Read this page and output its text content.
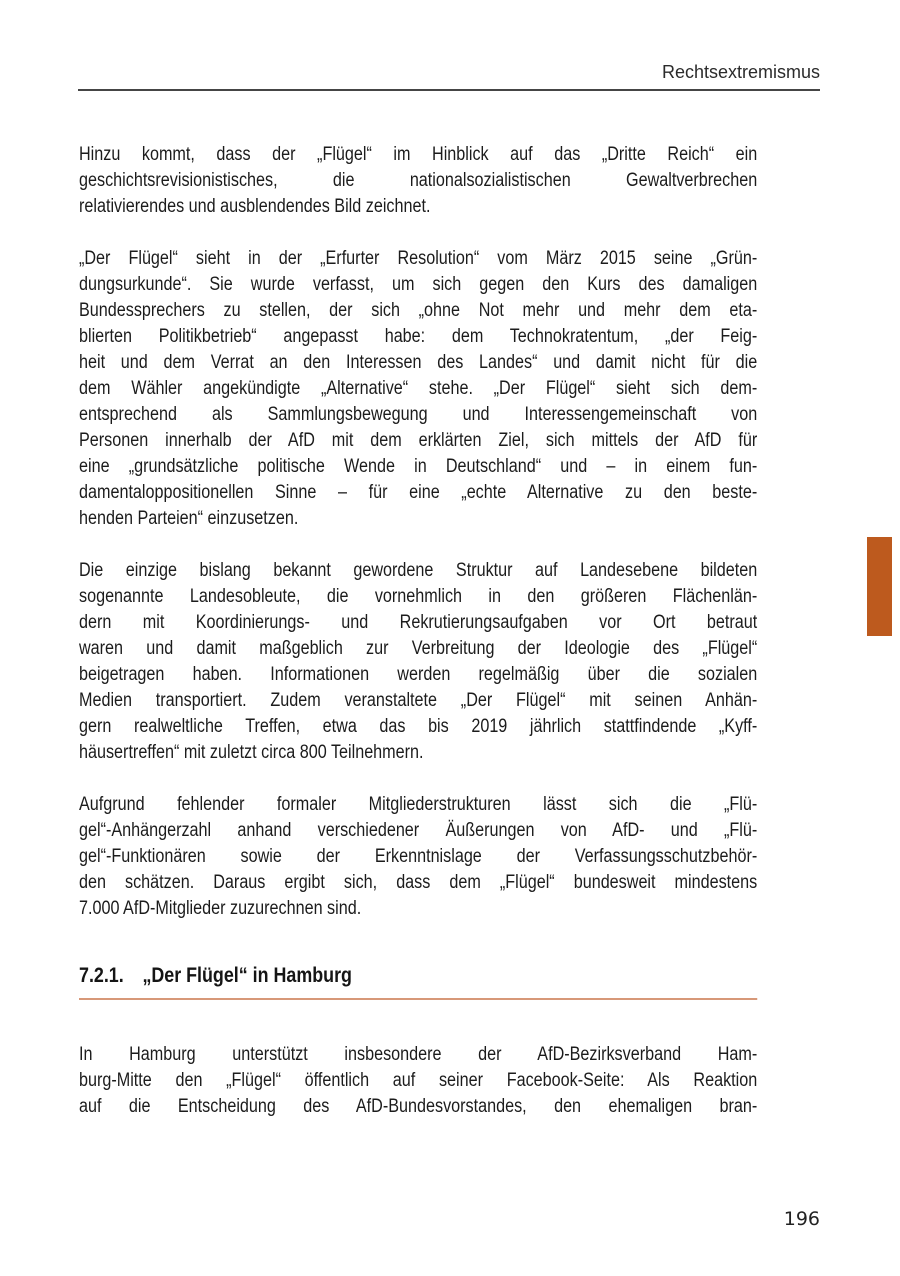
Rechtsextremismus
Hinzu kommt, dass der „Flügel“ im Hinblick auf das „Dritte Reich“ ein
geschichtsrevisionistisches, die nationalsozialistischen Gewaltverbrechen
relativierendes und ausblendendes Bild zeichnet.
„Der Flügel“ sieht in der „Erfurter Resolution“ vom März 2015 seine „Grün-
dungsurkunde“. Sie wurde verfasst, um sich gegen den Kurs des damaligen
Bundessprechers zu stellen, der sich „ohne Not mehr und mehr dem eta-
blierten Politikbetrieb“ angepasst habe: dem Technokratentum, „der Feig-
heit und dem Verrat an den Interessen des Landes“ und damit nicht für die
dem Wähler angekündigte „Alternative“ stehe. „Der Flügel“ sieht sich dem-
entsprechend als Sammlungsbewegung und Interessengemeinschaft von
Personen innerhalb der AfD mit dem erklärten Ziel, sich mittels der AfD für
eine „grundsätzliche politische Wende in Deutschland“ und – in einem fun-
damentaloppositionellen Sinne – für eine „echte Alternative zu den beste-
henden Parteien“ einzusetzen.
Die einzige bislang bekannt gewordene Struktur auf Landesebene bildeten
sogenannte Landesobleute, die vornehmlich in den größeren Flächenlän-
dern mit Koordinierungs- und Rekrutierungsaufgaben vor Ort betraut
waren und damit maßgeblich zur Verbreitung der Ideologie des „Flügel“
beigetragen haben. Informationen werden regelmäßig über die sozialen
Medien transportiert. Zudem veranstaltete „Der Flügel“ mit seinen Anhän-
gern realweltliche Treffen, etwa das bis 2019 jährlich stattfindende „Kyff-
häusertreffen“ mit zuletzt circa 800 Teilnehmern.
Aufgrund fehlender formaler Mitgliederstrukturen lässt sich die „Flü-
gel“-Anhängerzahl anhand verschiedener Äußerungen von AfD- und „Flü-
gel“-Funktionären sowie der Erkenntnislage der Verfassungsschutzbehör-
den schätzen. Daraus ergibt sich, dass dem „Flügel“ bundesweit mindestens
7.000 AfD-Mitglieder zuzurechnen sind.
7.2.1. „Der Flügel“ in Hamburg
In Hamburg unterstützt insbesondere der AfD-Bezirksverband Ham-
burg-Mitte den „Flügel“ öffentlich auf seiner Facebook-Seite: Als Reaktion
auf die Entscheidung des AfD-Bundesvorstandes, den ehemaligen bran-
196
